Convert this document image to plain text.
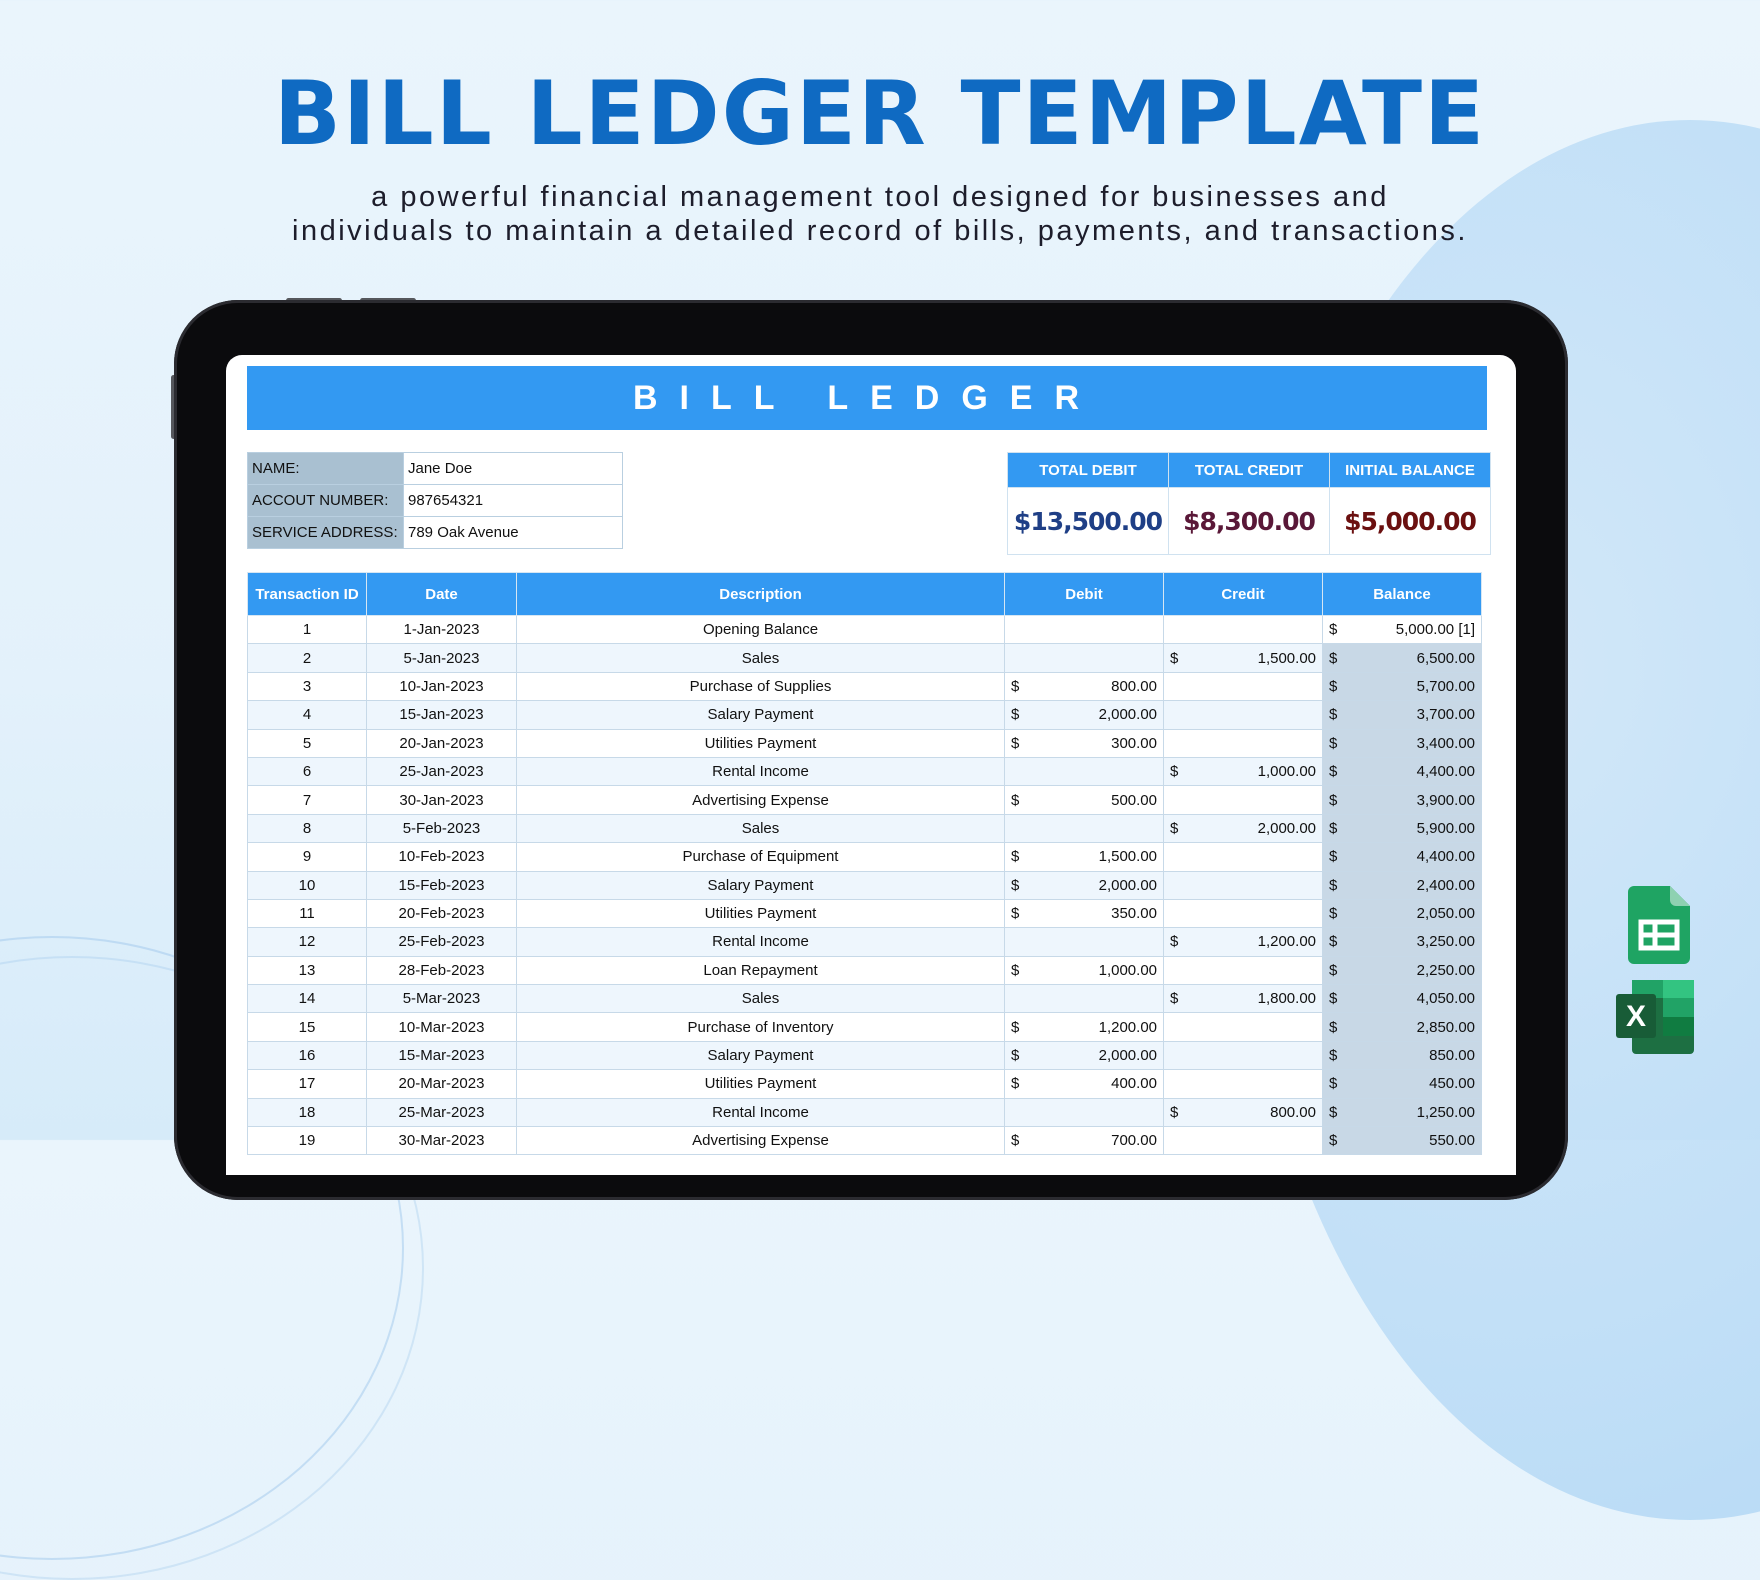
BILL LEDGER TEMPLATE
a powerful financial management tool designed for businesses and
individuals to maintain a detailed record of bills, payments, and transactions.
BILL LEDGER
NAME:	Jane Doe
ACCOUT NUMBER:	987654321
SERVICE ADDRESS:	789 Oak Avenue
TOTAL DEBIT	TOTAL CREDIT	INITIAL BALANCE
$13,500.00	$8,300.00	$5,000.00
Transaction ID	Date	Description	Debit	Credit	Balance
1	1-Jan-2023	Opening Balance			$ 5,000.00 [1]

2	5-Jan-2023	Sales		$ 1,500.00	$ 6,500.00

3	10-Jan-2023	Purchase of Supplies	$ 800.00		$ 5,700.00

4	15-Jan-2023	Salary Payment	$ 2,000.00		$ 3,700.00

5	20-Jan-2023	Utilities Payment	$ 300.00		$ 3,400.00

6	25-Jan-2023	Rental Income		$ 1,000.00	$ 4,400.00

7	30-Jan-2023	Advertising Expense	$ 500.00		$ 3,900.00

8	5-Feb-2023	Sales		$ 2,000.00	$ 5,900.00

9	10-Feb-2023	Purchase of Equipment	$ 1,500.00		$ 4,400.00

10	15-Feb-2023	Salary Payment	$ 2,000.00		$ 2,400.00

11	20-Feb-2023	Utilities Payment	$ 350.00		$ 2,050.00

12	25-Feb-2023	Rental Income		$ 1,200.00	$ 3,250.00

13	28-Feb-2023	Loan Repayment	$ 1,000.00		$ 2,250.00

14	5-Mar-2023	Sales		$ 1,800.00	$ 4,050.00

15	10-Mar-2023	Purchase of Inventory	$ 1,200.00		$ 2,850.00

16	15-Mar-2023	Salary Payment	$ 2,000.00		$ 850.00

17	20-Mar-2023	Utilities Payment	$ 400.00		$ 450.00

18	25-Mar-2023	Rental Income		$ 800.00	$ 1,250.00

19	30-Mar-2023	Advertising Expense	$ 700.00		$ 550.00
X
